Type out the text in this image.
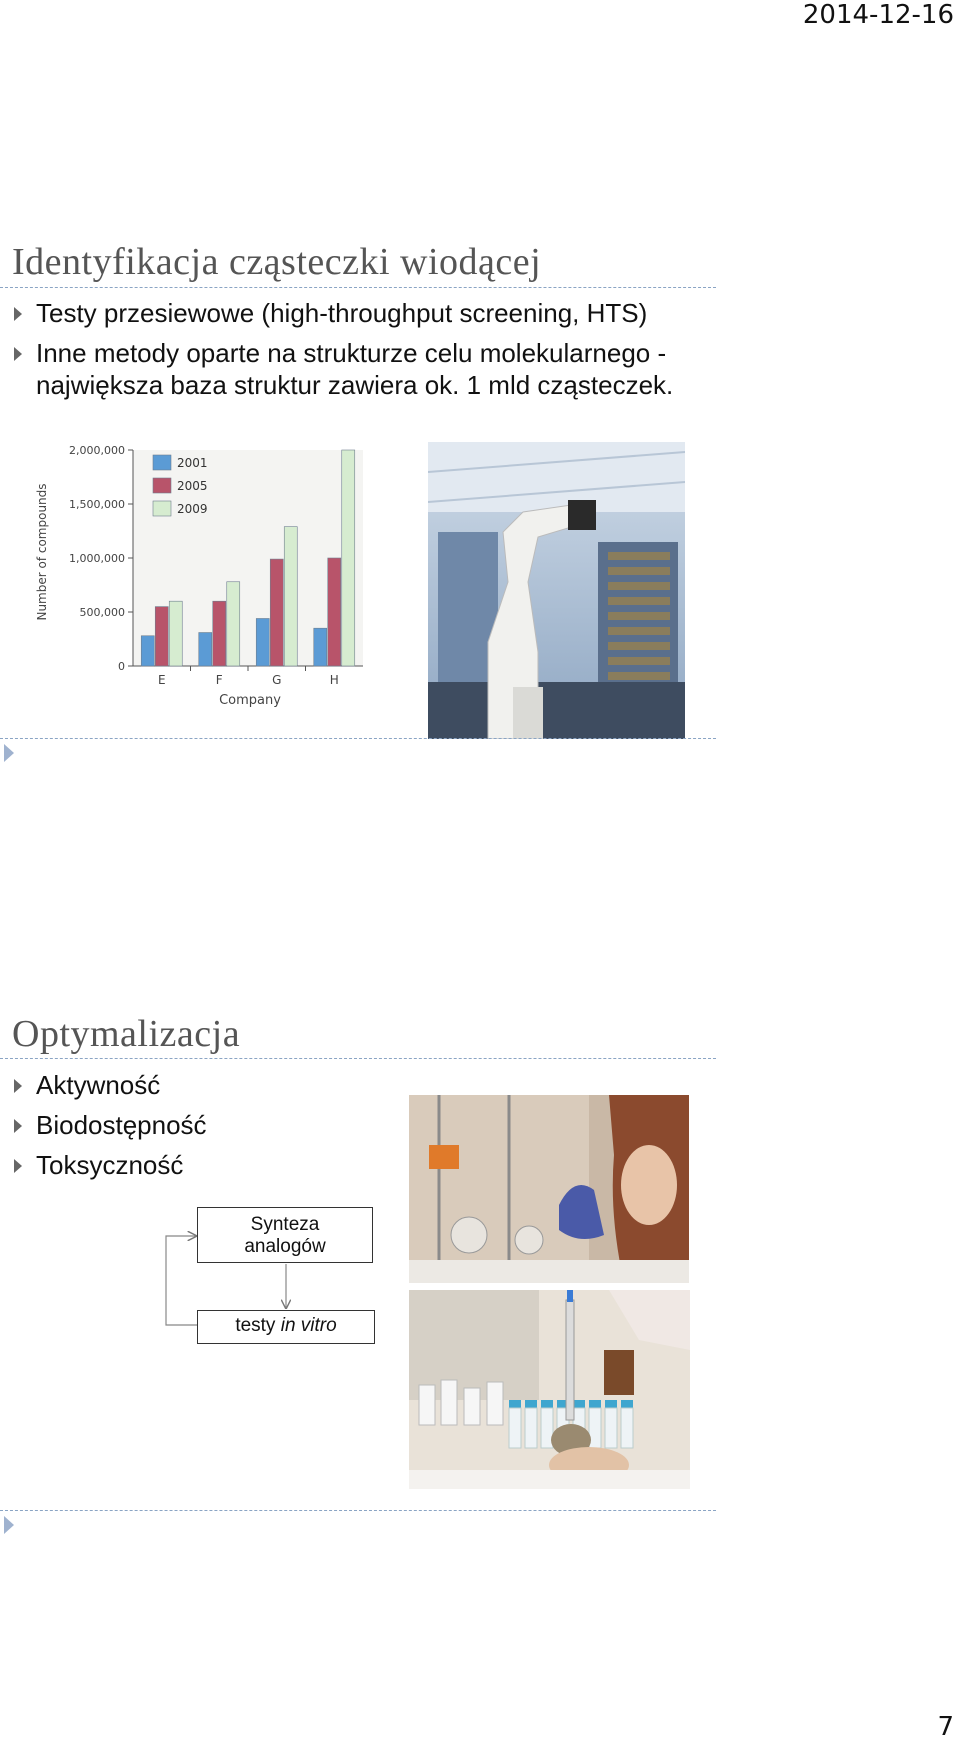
2014-12-16
Identyfikacja cząsteczki wiodącej
Testy przesiewowe (high-throughput screening, HTS)
Inne metody oparte na strukturze celu molekularnego - największa baza struktur zawiera ok. 1 mld cząsteczek.
0
500,000
1,000,000
1,500,000
2,000,000
E	F	G	H
2001
2005
2009
Number of compounds
Company
Optymalizacja
Aktywność
Biodostępność
Toksyczność
Synteza analogów
testy in vitro
7
